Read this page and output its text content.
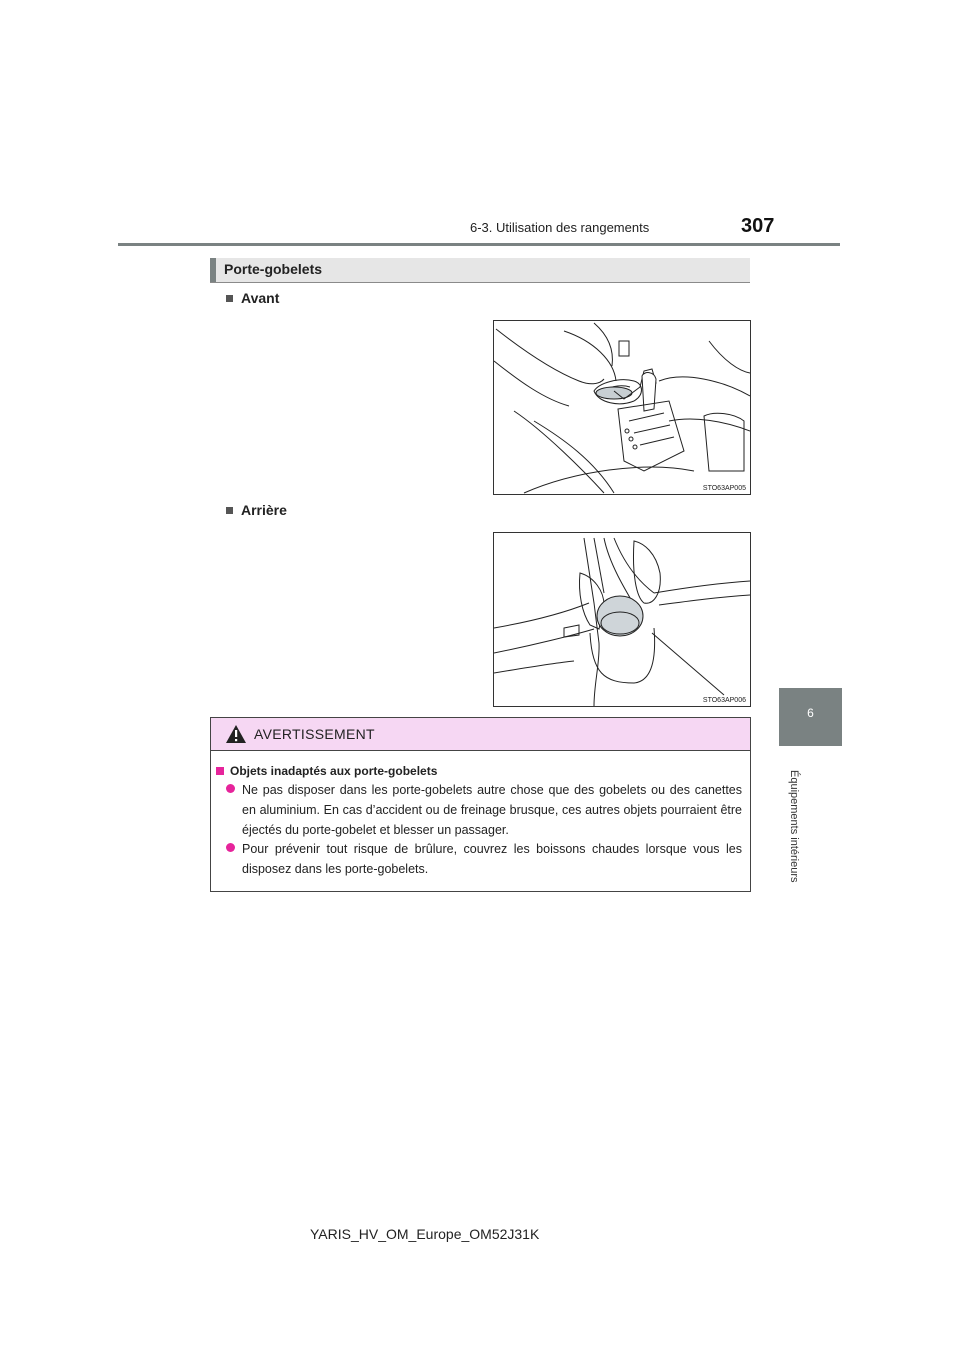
6-3. Utilisation des rangements	307
Porte-gobelets
Avant
STO63AP005
Arrière
STO63AP006
6
Équipements intérieurs
AVERTISSEMENT
Objets inadaptés aux porte-gobelets
Ne pas disposer dans les porte-gobelets autre chose que des gobelets ou des canettes en aluminium. En cas d’accident ou de freinage brusque, ces autres objets pourraient être éjectés du porte-gobelet et blesser un passager.
Pour prévenir tout risque de brûlure, couvrez les boissons chaudes lorsque vous les disposez dans les porte-gobelets.
YARIS_HV_OM_Europe_OM52J31K
